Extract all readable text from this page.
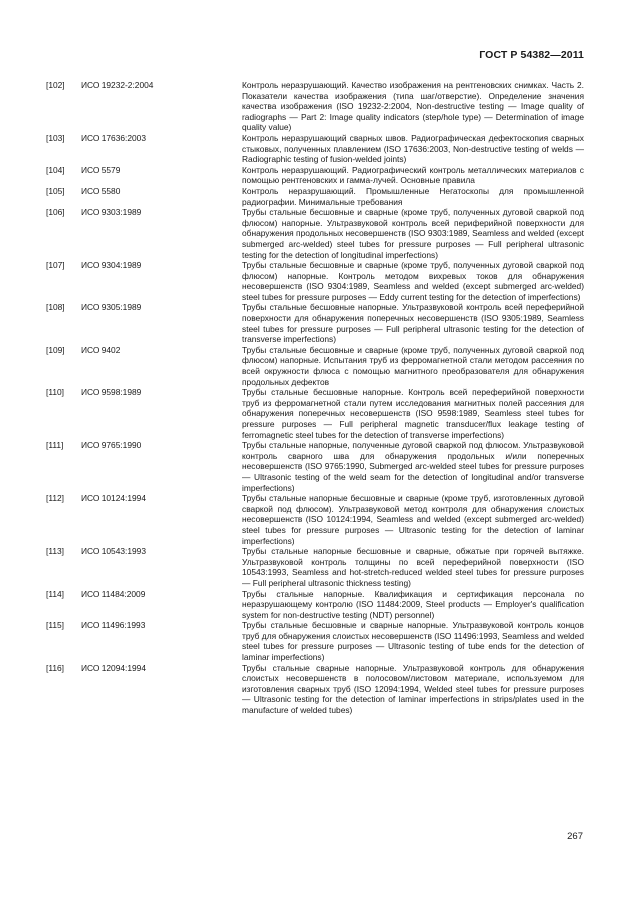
ГОСТ Р 54382—2011
[102]	ИСО 19232-2:2004	Контроль неразрушающий. Качество изображения на рентгеновских снимках. Часть 2. Показатели качества изображения (типа шаг/отверстие). Определение значения качества изображения (ISO 19232-2:2004, Non-destructive testing — Image quality of radiographs — Part 2: Image quality indicators (step/hole type) — Determination of image quality value)
[103]	ИСО 17636:2003	Контроль неразрушающий сварных швов. Радиографическая дефектоскопия сварных стыковых, полученных плавлением (ISO 17636:2003, Non-destructive testing of welds — Radiographic testing of fusion-welded joints)
[104]	ИСО 5579	Контроль неразрушающий. Радиографический контроль металлических материалов с помощью рентгеновских и гамма-лучей. Основные правила
[105]	ИСО 5580	Контроль неразрушающий. Промышленные Негатоскопы для промышленной радиографии. Минимальные требования
[106]	ИСО 9303:1989	Трубы стальные бесшовные и сварные (кроме труб, полученных дуговой сваркой под флюсом) напорные. Ультразвуковой контроль всей периферийной поверхности для обнаружения продольных несовершенств (ISO 9303:1989, Seamless and welded (except submerged arc-welded) steel tubes for pressure purposes — Full peripheral ultrasonic testing for the detection of longitudinal imperfections)
[107]	ИСО 9304:1989	Трубы стальные бесшовные и сварные (кроме труб, полученных дуговой сваркой под флюсом) напорные. Контроль методом вихревых токов для обнаружения несовершенств (ISO 9304:1989, Seamless and welded (except submerged arc-welded) steel tubes for pressure purposes — Eddy current testing for the detection of imperfections)
[108]	ИСО 9305:1989	Трубы стальные бесшовные напорные. Ультразвуковой контроль всей переферийной поверхности для обнаружения поперечных несовершенств (ISO 9305:1989, Seamless steel tubes for pressure purposes — Full peripheral ultrasonic testing for the detection of transverse imperfections)
[109]	ИСО 9402	Трубы стальные бесшовные и сварные (кроме труб, полученных дуговой сваркой под флюсом) напорные. Испытания труб из ферромагнетной стали методом рассеяния по всей окружности флюса с помощью магнитного преобразователя для обнаружения продольных дефектов
[110]	ИСО 9598:1989	Трубы стальные бесшовные напорные. Контроль всей переферийной поверхности труб из ферромагнетной стали путем исследования магнитных полей рассеяния для обнаружения поперечных несовершенств (ISO 9598:1989, Seamless steel tubes for pressure purposes — Full peripheral magnetic transducer/flux leakage testing of ferromagnetic steel tubes for the detection of transverse imperfections)
[111]	ИСО 9765:1990	Трубы стальные напорные, полученные дуговой сваркой под флюсом. Ультразвуковой контроль сварного шва для обнаружения продольных и/или поперечных несовершенств (ISO 9765:1990, Submerged arc-welded steel tubes for pressure purposes — Ultrasonic testing of the weld seam for the detection of longitudinal and/or transverse imperfections)
[112]	ИСО 10124:1994	Трубы стальные напорные бесшовные и сварные (кроме труб, изготовленных дуговой сваркой под флюсом). Ультразвуковой метод контроля для обнаружения слоистых несовершенств (ISO 10124:1994, Seamless and welded (except submerged arc-welded) steel tubes for pressure purposes — Ultrasonic testing for the detection of laminar imperfections)
[113]	ИСО 10543:1993	Трубы стальные напорные бесшовные и сварные, обжатые при горячей вытяжке. Ультразвуковой контроль толщины по всей переферийной поверхности (ISO 10543:1993, Seamless and hot-stretch-reduced welded steel tubes for pressure purposes — Full peripheral ultrasonic thickness testing)
[114]	ИСО 11484:2009	Трубы стальные напорные. Квалификация и сертификация персонала по неразрушающему контролю (ISO 11484:2009, Steel products — Employer's qualification system for non-destructive testing (NDT) personnel)
[115]	ИСО 11496:1993	Трубы стальные бесшовные и сварные напорные. Ультразвуковой контроль концов труб для обнаружения слоистых несовершенств (ISO 11496:1993, Seamless and welded steel tubes for pressure purposes — Ultrasonic testing of tube ends for the detection of laminar imperfections)
[116]	ИСО 12094:1994	Трубы стальные сварные напорные. Ультразвуковой контроль для обнаружения слоистых несовершенств в полосовом/листовом материале, используемом для изготовления сварных труб (ISO 12094:1994, Welded steel tubes for pressure purposes — Ultrasonic testing for the detection of laminar imperfections in strips/plates used in the manufacture of welded tubes)
267
